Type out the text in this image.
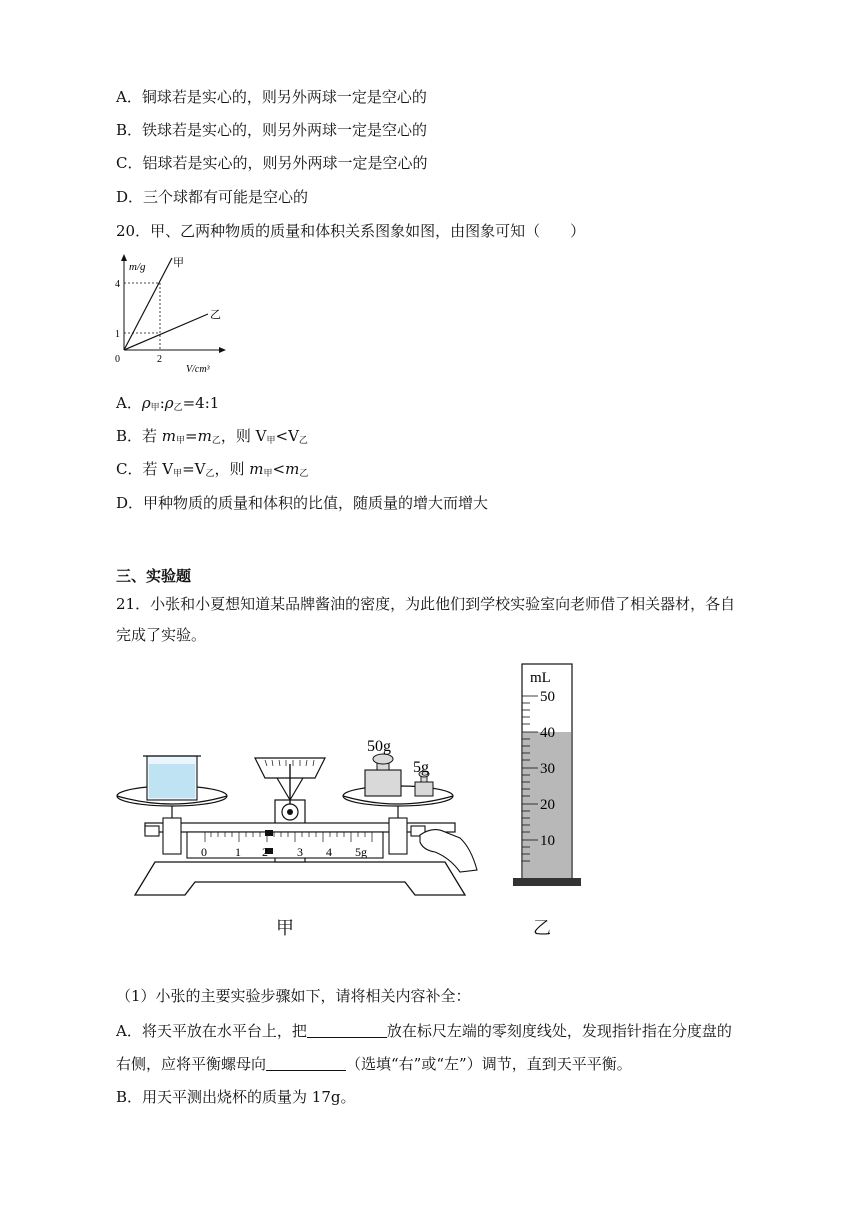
A．铜球若是实心的，则另外两球一定是空心的
B．铁球若是实心的，则另外两球一定是空心的
C．铝球若是实心的，则另外两球一定是空心的
D．三个球都有可能是空心的
20．甲、乙两种物质的质量和体积关系图象如图，由图象可知（　　）
m/g	甲
乙
4
1
0	2
V/cm³
A．$\rho_甲:\rho_乙=4:1$
B．若 $m_甲=m_乙$，则 $V_甲<V_乙$
C．若 $V_甲=V_乙$，则 $m_甲<m_乙$
D．甲种物质的质量和体积的比值，随质量的增大而增大
三、实验题
21．小张和小夏想知道某品牌酱油的密度，为此他们到学校实验室向老师借了相关器材，各自
完成了实验。
0 1 2 3 4 5g
50g
5g
mL
50
40
30
20
10
甲	乙
（1）小张的主要实验步骤如下，请将相关内容补全：
A．将天平放在水平台上，把	放在标尺左端的零刻度线处，发现指针指在分度盘的
右侧，应将平衡螺母向	（选填“右”或“左”）调节，直到天平平衡。
B．用天平测出烧杯的质量为 17g。
